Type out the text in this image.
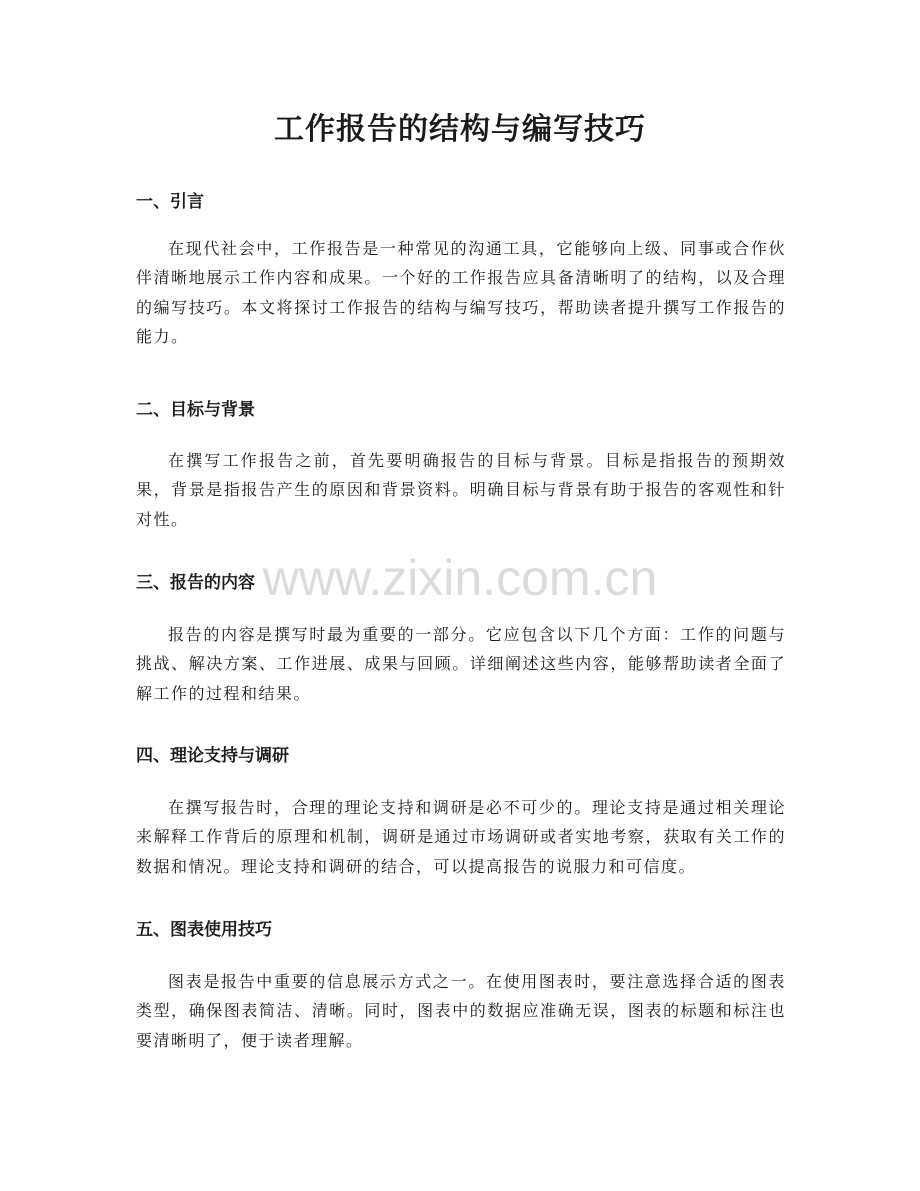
工作报告的结构与编写技巧
一、引言

在现代社会中，工作报告是一种常见的沟通工具，它能够向上级、同事或合作伙伴清晰地展示工作内容和成果。一个好的工作报告应具备清晰明了的结构，以及合理的编写技巧。本文将探讨工作报告的结构与编写技巧，帮助读者提升撰写工作报告的能力。

二、目标与背景

在撰写工作报告之前，首先要明确报告的目标与背景。目标是指报告的预期效果，背景是指报告产生的原因和背景资料。明确目标与背景有助于报告的客观性和针对性。

三、报告的内容

报告的内容是撰写时最为重要的一部分。它应包含以下几个方面：工作的问题与挑战、解决方案、工作进展、成果与回顾。详细阐述这些内容，能够帮助读者全面了解工作的过程和结果。

四、理论支持与调研

在撰写报告时，合理的理论支持和调研是必不可少的。理论支持是通过相关理论来解释工作背后的原理和机制，调研是通过市场调研或者实地考察，获取有关工作的数据和情况。理论支持和调研的结合，可以提高报告的说服力和可信度。

五、图表使用技巧

图表是报告中重要的信息展示方式之一。在使用图表时，要注意选择合适的图表类型，确保图表简洁、清晰。同时，图表中的数据应准确无误，图表的标题和标注也要清晰明了，便于读者理解。

www.zixin.com.cn
